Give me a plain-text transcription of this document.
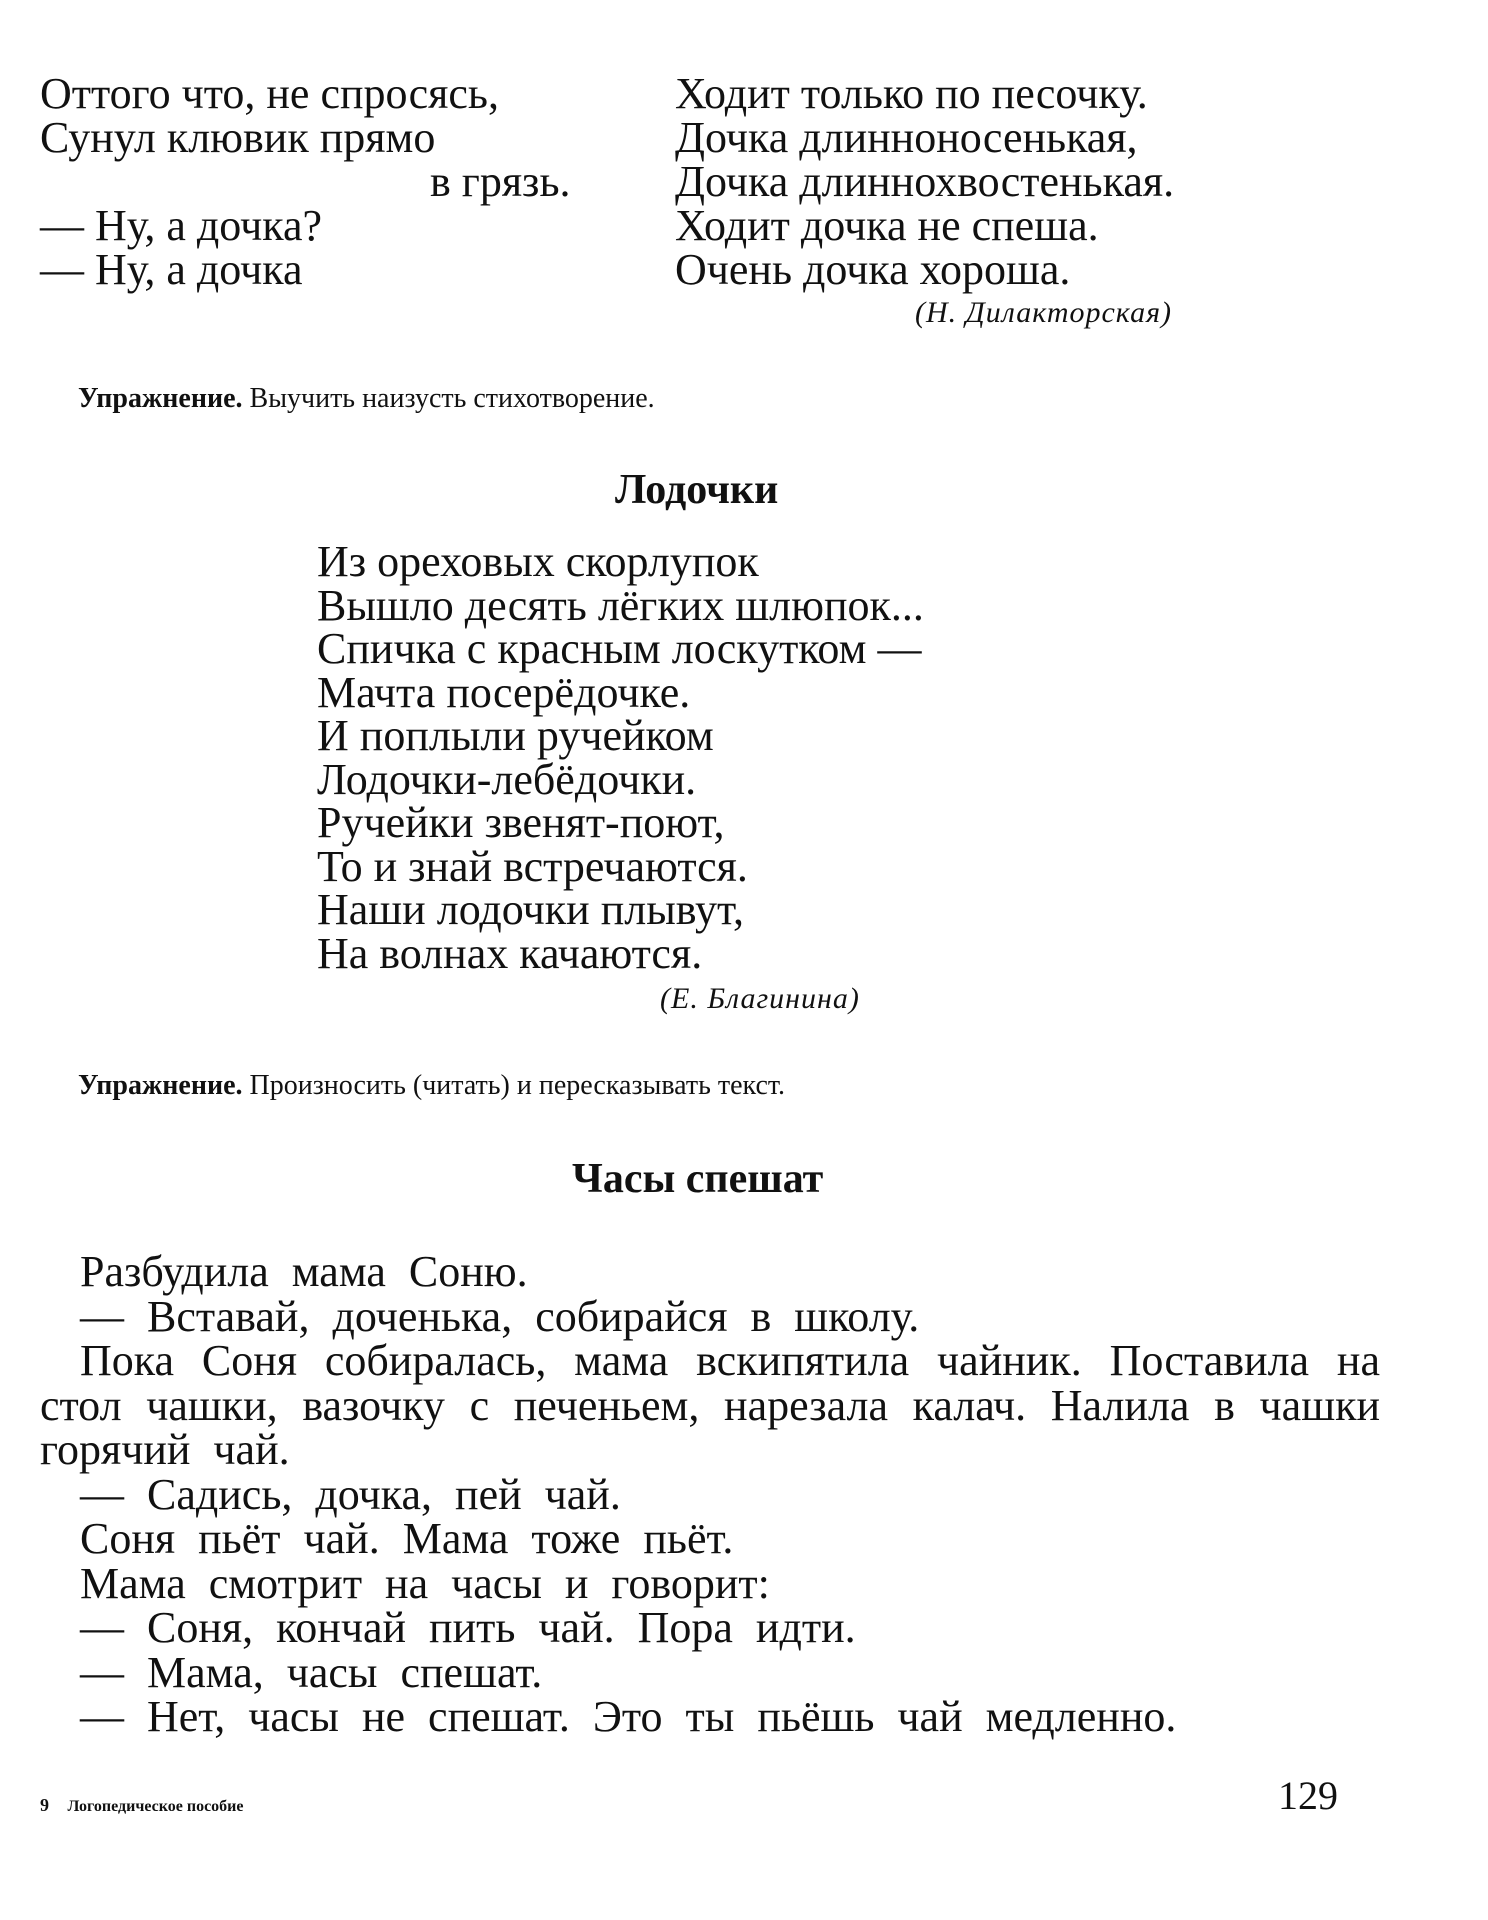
Оттого что, не спросясь,
Сунул клювик прямо
в грязь.
— Ну, а дочка?
— Ну, а дочка
Ходит только по песочку.
Дочка длинноносенькая,
Дочка длиннохвостенькая.
Ходит дочка не спеша.
Очень дочка хороша.
(Н. Дилакторская)
Упражнение. Выучить наизусть стихотворение.
Лодочки
Из ореховых скорлупок
Вышло десять лёгких шлюпок...
Спичка с красным лоскутком —
Мачта посерёдочке.
И поплыли ручейком
Лодочки-лебёдочки.
Ручейки звенят-поют,
То и знай встречаются.
Наши лодочки плывут,
На волнах качаются.
(Е. Благинина)
Упражнение. Произносить (читать) и пересказывать текст.
Часы спешат
Разбудила мама Соню.
— Вставай, доченька, собирайся в школу.
Пока Соня собиралась, мама вскипятила чайник. Поставила на стол чашки, вазочку с печеньем, нарезала калач. Налила в чашки горячий чай.
— Садись, дочка, пей чай.
Соня пьёт чай. Мама тоже пьёт.
Мама смотрит на часы и говорит:
— Соня, кончай пить чай. Пора идти.
— Мама, часы спешат.
— Нет, часы не спешат. Это ты пьёшь чай медленно.
9 Логопедическое пособие	129
